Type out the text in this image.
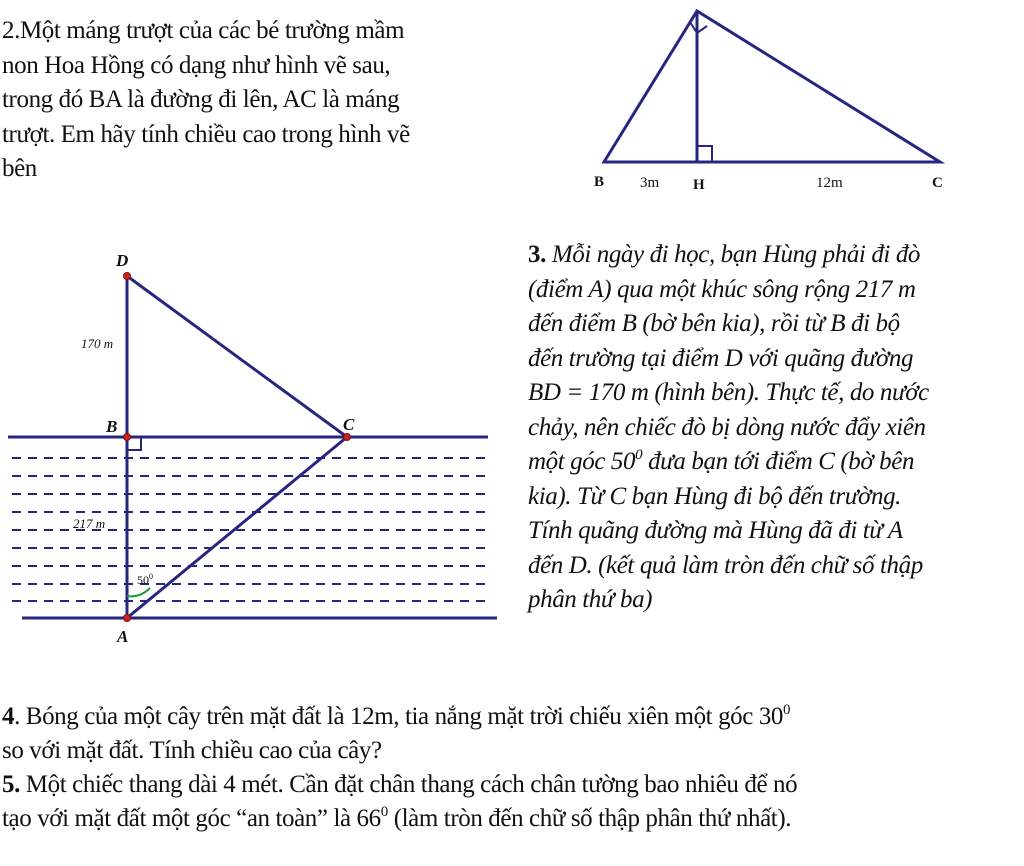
2.Một máng trượt của các bé trường mầm
non Hoa Hồng có dạng như hình vẽ sau,
trong đó BA là đường đi lên, AC là máng
trượt. Em hãy tính chiều cao trong hình vẽ
bên	B 3m H	12m	C
D
B	C
A
170 m
217 m
$50^0$
3. Mỗi ngày đi học, bạn Hùng phải đi đò
(điểm A) qua một khúc sông rộng 217 m
đến điểm B (bờ bên kia), rồi từ B đi bộ
đến trường tại điểm D với quãng đường
BD = 170 m (hình bên). Thực tế, do nước
chảy, nên chiếc đò bị dòng nước đẩy xiên
một góc $50^0$ đưa bạn tới điểm C (bờ bên
kia). Từ C bạn Hùng đi bộ đến trường.
Tính quãng đường mà Hùng đã đi từ A
đến D. (kết quả làm tròn đến chữ số thập
phân thứ ba)
4. Bóng của một cây trên mặt đất là 12m, tia nắng mặt trời chiếu xiên một góc $30^0$
so với mặt đất. Tính chiều cao của cây?
5. Một chiếc thang dài 4 mét. Cần đặt chân thang cách chân tường bao nhiêu để nó
tạo với mặt đất một góc “an toàn” là $66^0$ (làm tròn đến chữ số thập phân thứ nhất).
